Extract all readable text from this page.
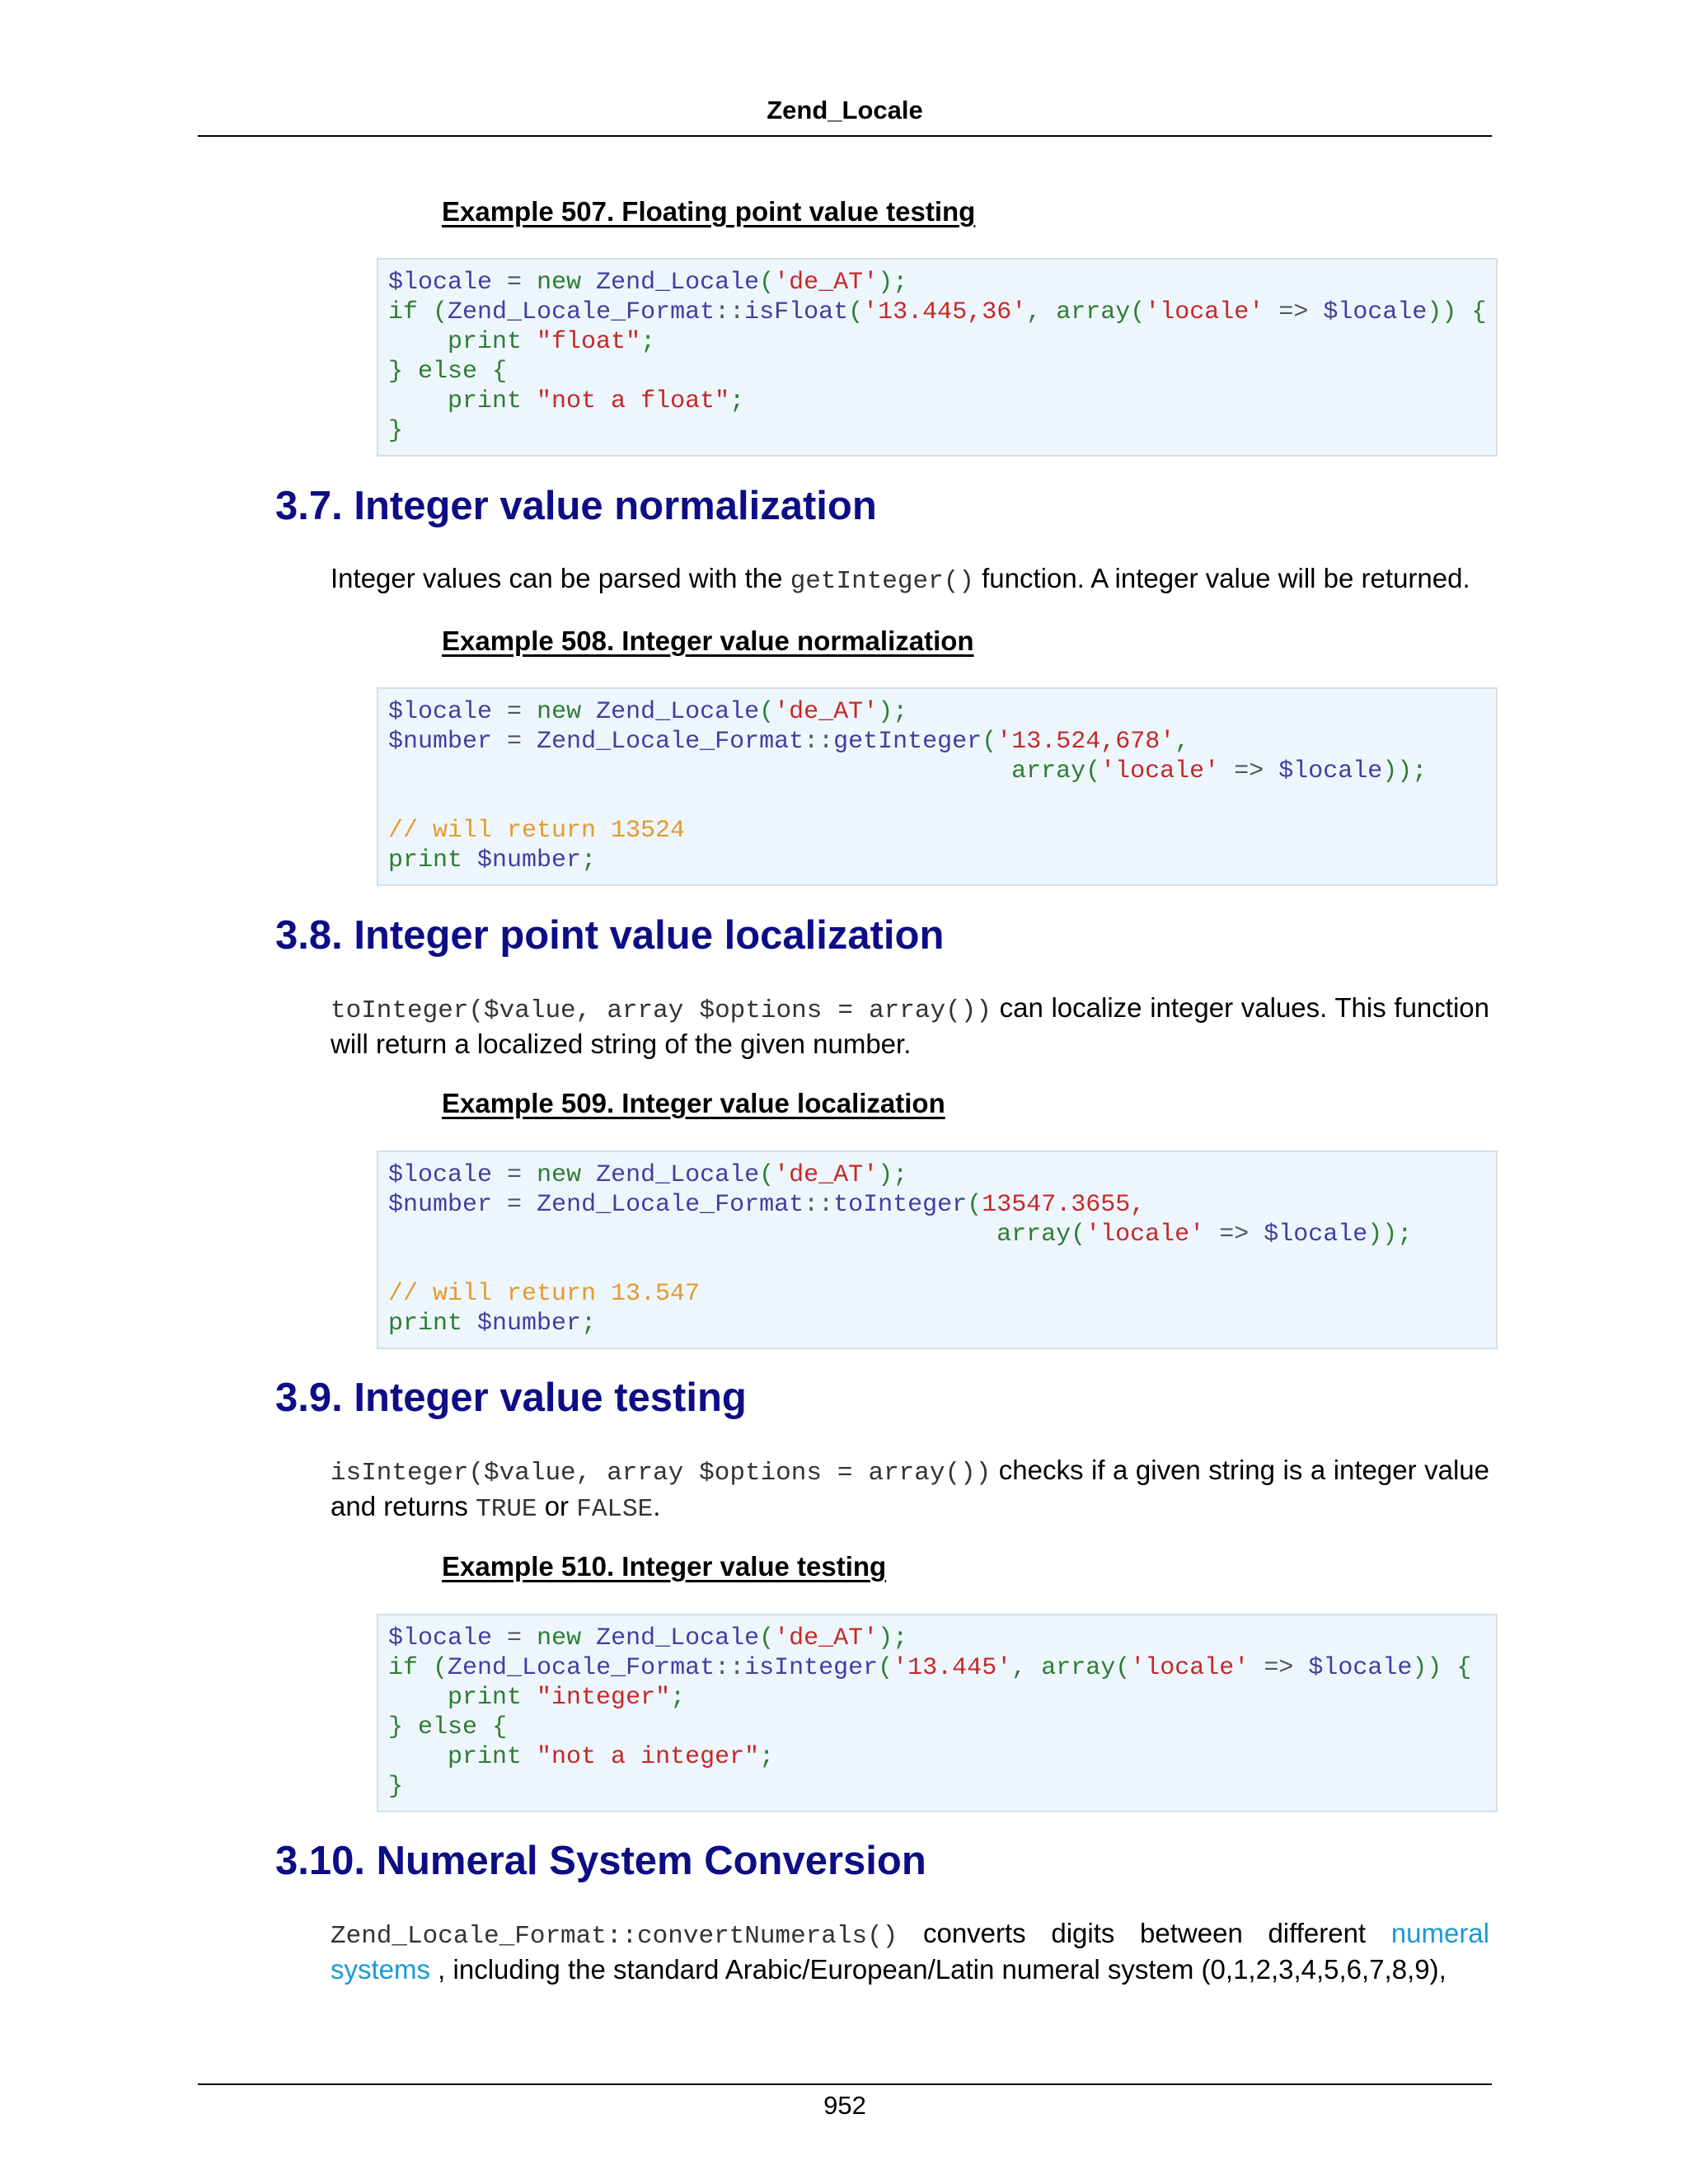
Zend_Locale
Example 507. Floating point value testing
$locale = new Zend_Locale('de_AT');
if (Zend_Locale_Format::isFloat('13.445,36', array('locale' => $locale)) {
print "float";
} else {
print "not a float";
}
3.7. Integer value normalization

Integer values can be parsed with the getInteger() function. A integer value will be returned.

Example 508. Integer value normalization
$locale = new Zend_Locale('de_AT');
$number = Zend_Locale_Format::getInteger('13.524,678',
array('locale' => $locale));

// will return 13524
print $number;
3.8. Integer point value localization

toInteger($value, array $options = array()) can localize integer values. This function will return a localized string of the given number.

Example 509. Integer value localization
$locale = new Zend_Locale('de_AT');
$number = Zend_Locale_Format::toInteger(13547.3655,
array('locale' => $locale));

// will return 13.547
print $number;
3.9. Integer value testing

isInteger($value, array $options = array()) checks if a given string is a integer value and returns TRUE or FALSE.

Example 510. Integer value testing
$locale = new Zend_Locale('de_AT');
if (Zend_Locale_Format::isInteger('13.445', array('locale' => $locale)) {
print "integer";
} else {
print "not a integer";
}
3.10. Numeral System Conversion

Zend_Locale_Format::convertNumerals() converts digits between different numeral systems , including the standard Arabic/European/Latin numeral system (0,1,2,3,4,5,6,7,8,9),

952
